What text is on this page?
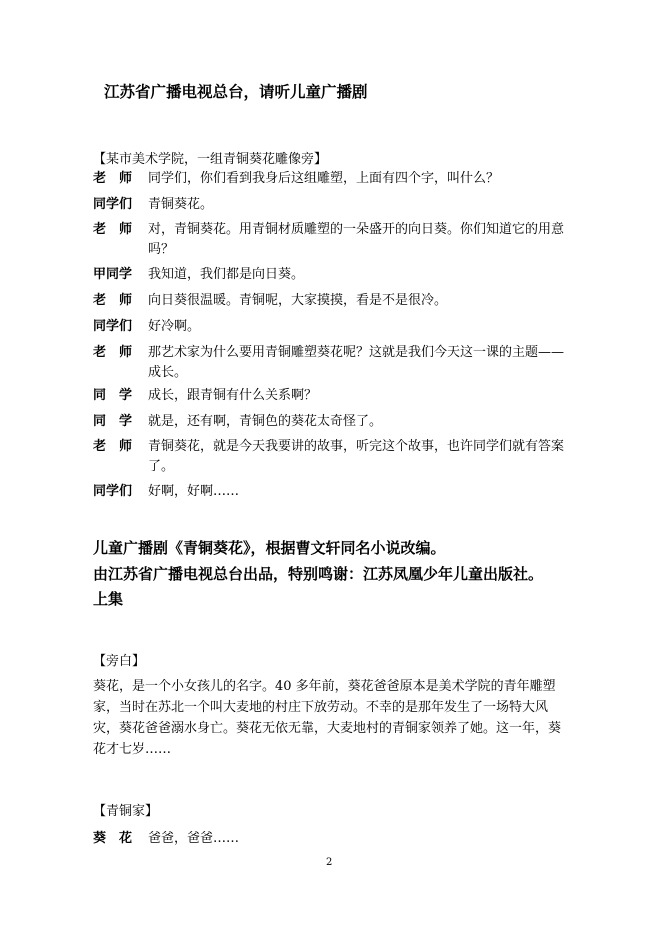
江苏省广播电视总台，请听儿童广播剧
【某市美术学院，一组青铜葵花雕像旁】
老　师	同学们，你们看到我身后这组雕塑，上面有四个字，叫什么？
同学们	青铜葵花。
老　师	对，青铜葵花。用青铜材质雕塑的一朵盛开的向日葵。你们知道它的用意吗？
甲同学	我知道，我们都是向日葵。
老　师	向日葵很温暖。青铜呢，大家摸摸，看是不是很冷。
同学们	好冷啊。
老　师	那艺术家为什么要用青铜雕塑葵花呢？这就是我们今天这一课的主题——成长。
同　学	成长，跟青铜有什么关系啊？
同　学	就是，还有啊，青铜色的葵花太奇怪了。
老　师	青铜葵花，就是今天我要讲的故事，听完这个故事，也许同学们就有答案了。
同学们	好啊，好啊……
儿童广播剧《青铜葵花》，根据曹文轩同名小说改编。
由江苏省广播电视总台出品，特别鸣谢：江苏凤凰少年儿童出版社。
上集
【旁白】
葵花，是一个小女孩儿的名字。40 多年前，葵花爸爸原本是美术学院的青年雕塑家，当时在苏北一个叫大麦地的村庄下放劳动。不幸的是那年发生了一场特大风灾，葵花爸爸溺水身亡。葵花无依无靠，大麦地村的青铜家领养了她。这一年，葵花才七岁……
【青铜家】
葵　花	爸爸，爸爸……
2
